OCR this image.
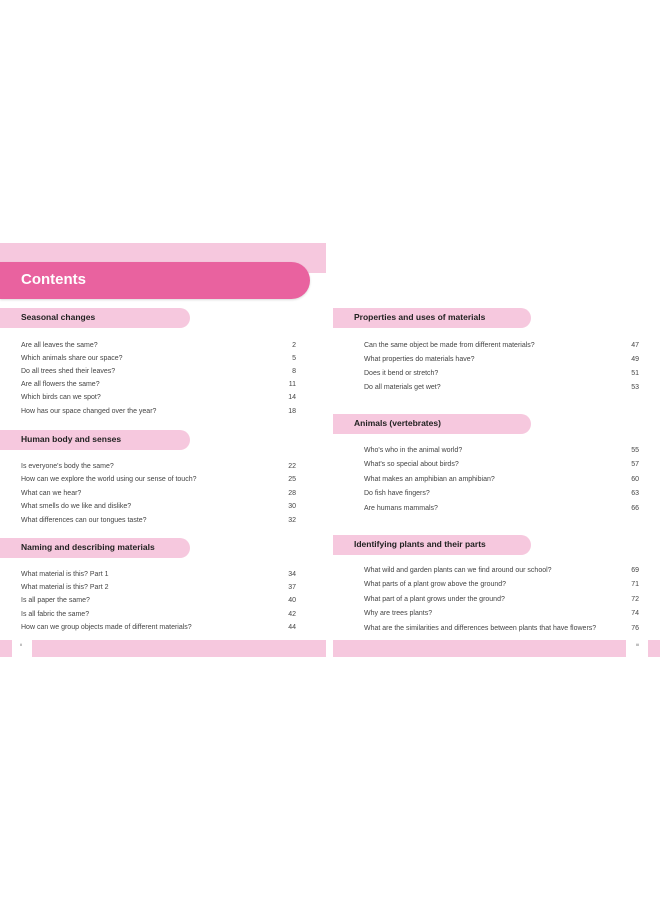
Contents
Seasonal changes
Are all leaves the same?	2
Which animals share our space?	5
Do all trees shed their leaves?	8
Are all flowers the same?	11
Which birds can we spot?	14
How has our space changed over the year?	18
Human body and senses
Is everyone's body the same?	22
How can we explore the world using our sense of touch?	25
What can we hear?	28
What smells do we like and dislike?	30
What differences can our tongues taste?	32
Naming and describing materials
What material is this? Part 1	34
What material is this? Part 2	37
Is all paper the same?	40
Is all fabric the same?	42
How can we group objects made of different materials?	44
Properties and uses of materials
Can the same object be made from different materials?	47
What properties do materials have?	49
Does it bend or stretch?	51
Do all materials get wet?	53
Animals (vertebrates)
Who's who in the animal world?	55
What's so special about birds?	57
What makes an amphibian an amphibian?	60
Do fish have fingers?	63
Are humans mammals?	66
Identifying plants and their parts
What wild and garden plants can we find around our school?	69
What parts of a plant grow above the ground?	71
What part of a plant grows under the ground?	72
Why are trees plants?	74
What are the similarities and differences between plants that have flowers?	76
ii	iii
